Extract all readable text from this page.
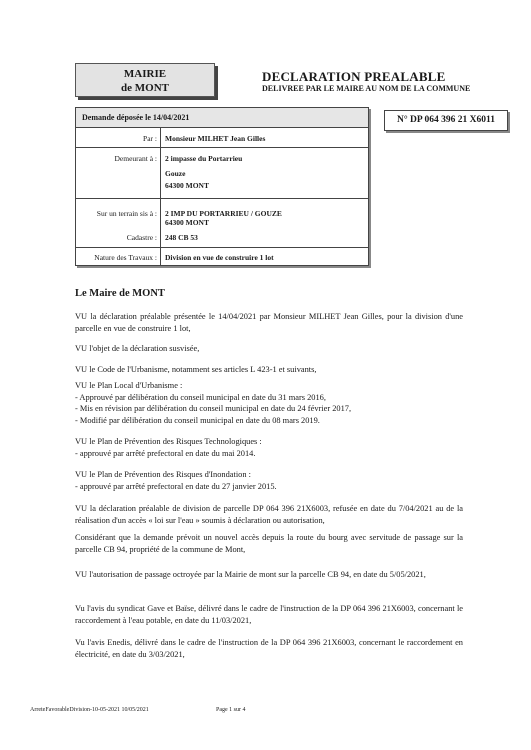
MAIRIE
de MONT
DECLARATION PREALABLE
DELIVREE PAR LE MAIRE AU NOM DE LA COMMUNE
Demande déposée le 14/04/2021	N° DP 064 396 21 X6011
Par : Monsieur MILHET Jean Gilles
Demeurant à : 2 impasse du Portarrieu
Gouze
64300 MONT
Sur un terrain sis à : 2 IMP DU PORTARRIEU / GOUZE
64300 MONT
Cadastre : 248 CB 53
Nature des Travaux : Division en vue de construire 1 lot
Le Maire de MONT

VU la déclaration préalable présentée le 14/04/2021 par Monsieur MILHET Jean Gilles, pour la division d'une parcelle en vue de construire 1 lot,

VU l'objet de la déclaration susvisée,

VU le Code de l'Urbanisme, notamment ses articles L 423-1 et suivants,

VU le Plan Local d'Urbanisme :

- Approuvé par délibération du conseil municipal en date du 31 mars 2016,

- Mis en révision par délibération du conseil municipal en date du 24 février 2017,

- Modifié par délibération du conseil municipal en date du 08 mars 2019.

VU le Plan de Prévention des Risques Technologiques :

- approuvé par arrêté prefectoral en date du mai 2014.

VU le Plan de Prévention des Risques d'Inondation :

- approuvé par arrêté prefectoral en date du 27 janvier 2015.

VU la déclaration préalable de division de parcelle DP 064 396 21X6003, refusée en date du 7/04/2021 au de la réalisation d'un accès « loi sur l'eau » soumis à déclaration ou autorisation,

Considérant que la demande prévoit un nouvel accès depuis la route du bourg avec servitude de passage sur la parcelle CB 94, propriété de la commune de Mont,

VU l'autorisation de passage octroyée par la Mairie de mont sur la parcelle CB 94, en date du 5/05/2021,

Vu l'avis du syndicat Gave et Baïse, délivré dans le cadre de l'instruction de la DP 064 396 21X6003, concernant le raccordement à l'eau potable, en date du 11/03/2021,

Vu l'avis Enedis, délivré dans le cadre de l'instruction de la DP 064 396 21X6003, concernant le raccordement en électricité, en date du 3/03/2021,

ArreteFavorableDivision-10-05-2021 10/05/2021	Page 1 sur 4
